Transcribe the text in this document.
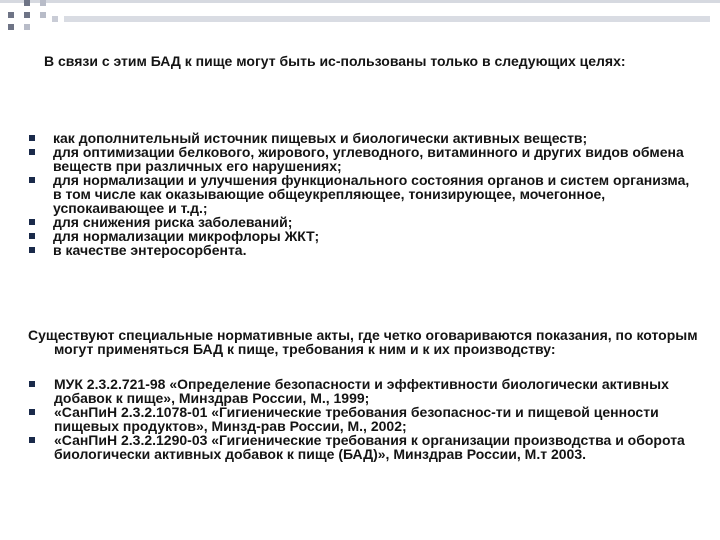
В связи с этим БАД к пище могут быть ис-пользованы только в следующих целях:

как дополнительный источник пищевых и биологически активных веществ;
для оптимизации белкового, жирового, углеводного, витаминного и других видов обмена веществ при различных его нарушениях;
для нормализации и улучшения функционального состояния органов и систем организма, в том числе как оказывающие общеукрепляющее, тонизирующее, мочегонное, успокаивающее и т.д.;
для снижения риска заболеваний;
для нормализации микрофлоры ЖКТ;
в качестве энтеросорбента.

Существуют специальные нормативные акты, где четко оговариваются показания, по которым могут применяться БАД к пище, требования к ним и к их производству:

МУК 2.3.2.721-98 «Определение безопасности и эффективности биологически активных добавок к пище», Минздрав России, М., 1999;
«СанПиН 2.3.2.1078-01 «Гигиенические требования безопаснос-ти и пищевой ценности пищевых продуктов», Минзд-рав России, М., 2002;
«СанПиН 2.3.2.1290-03 «Гигиенические требования к организации производства и оборота биологически активных добавок к пище (БАД)», Минздрав России, М.т 2003.
